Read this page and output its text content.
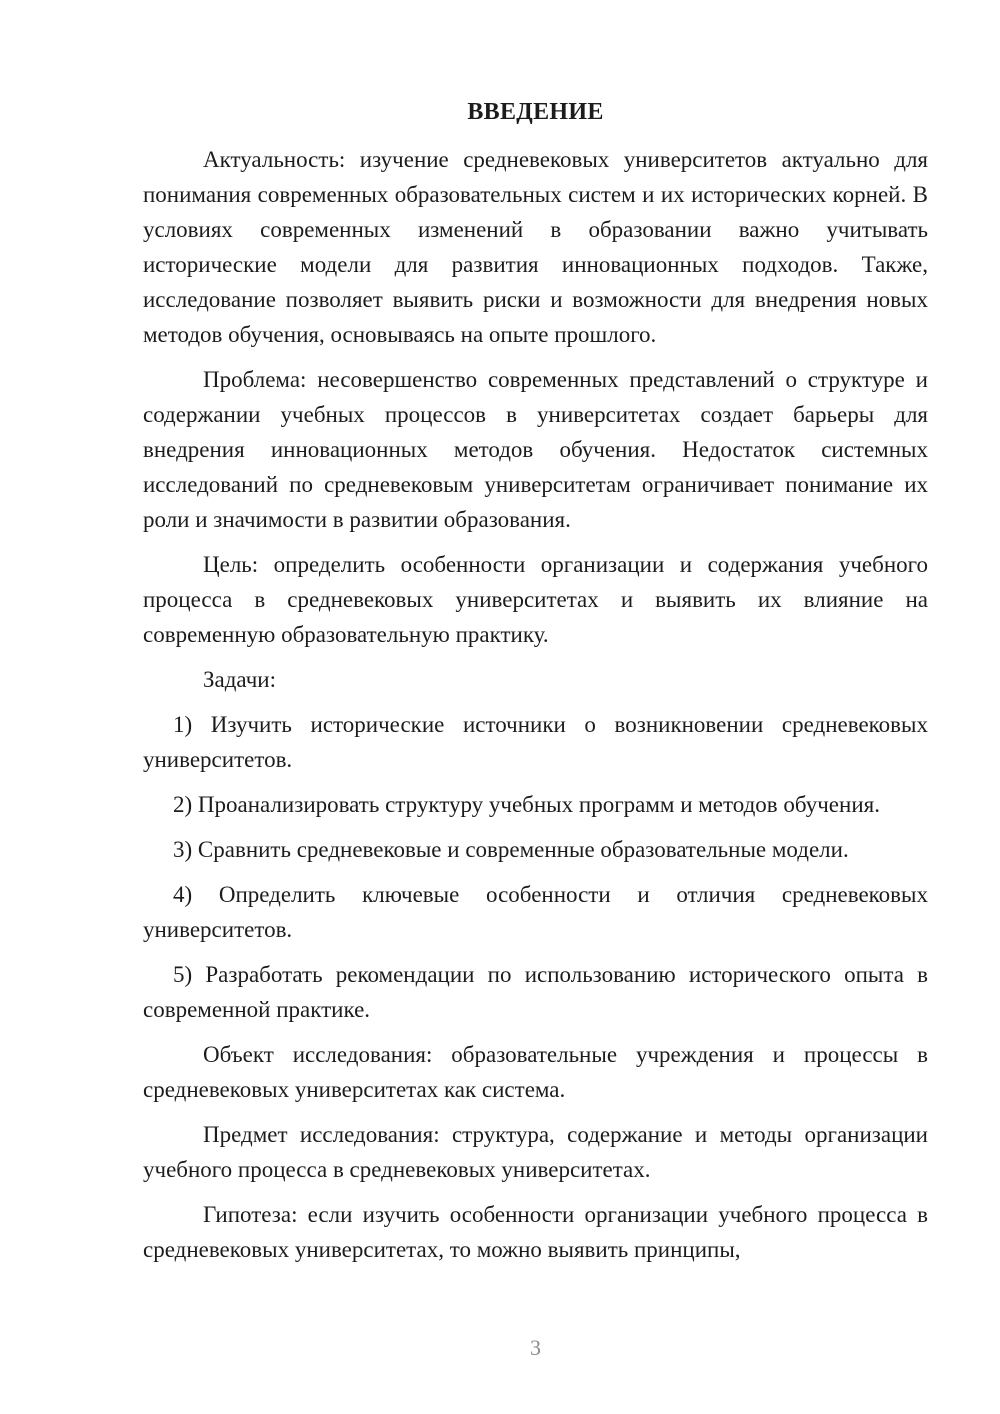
ВВЕДЕНИЕ

Актуальность: изучение средневековых университетов актуально для понимания современных образовательных систем и их исторических корней. В условиях современных изменений в образовании важно учитывать исторические модели для развития инновационных подходов. Также, исследование позволяет выявить риски и возможности для внедрения новых методов обучения, основываясь на опыте прошлого.

Проблема: несовершенство современных представлений о структуре и содержании учебных процессов в университетах создает барьеры для внедрения инновационных методов обучения. Недостаток системных исследований по средневековым университетам ограничивает понимание их роли и значимости в развитии образования.

Цель: определить особенности организации и содержания учебного процесса в средневековых университетах и выявить их влияние на современную образовательную практику.

Задачи:

1) Изучить исторические источники о возникновении средневековых университетов.

2) Проанализировать структуру учебных программ и методов обучения.

3) Сравнить средневековые и современные образовательные модели.

4) Определить ключевые особенности и отличия средневековых университетов.

5) Разработать рекомендации по использованию исторического опыта в современной практике.

Объект исследования: образовательные учреждения и процессы в средневековых университетах как система.

Предмет исследования: структура, содержание и методы организации учебного процесса в средневековых университетах.

Гипотеза: если изучить особенности организации учебного процесса в средневековых университетах, то можно выявить принципы,

3
